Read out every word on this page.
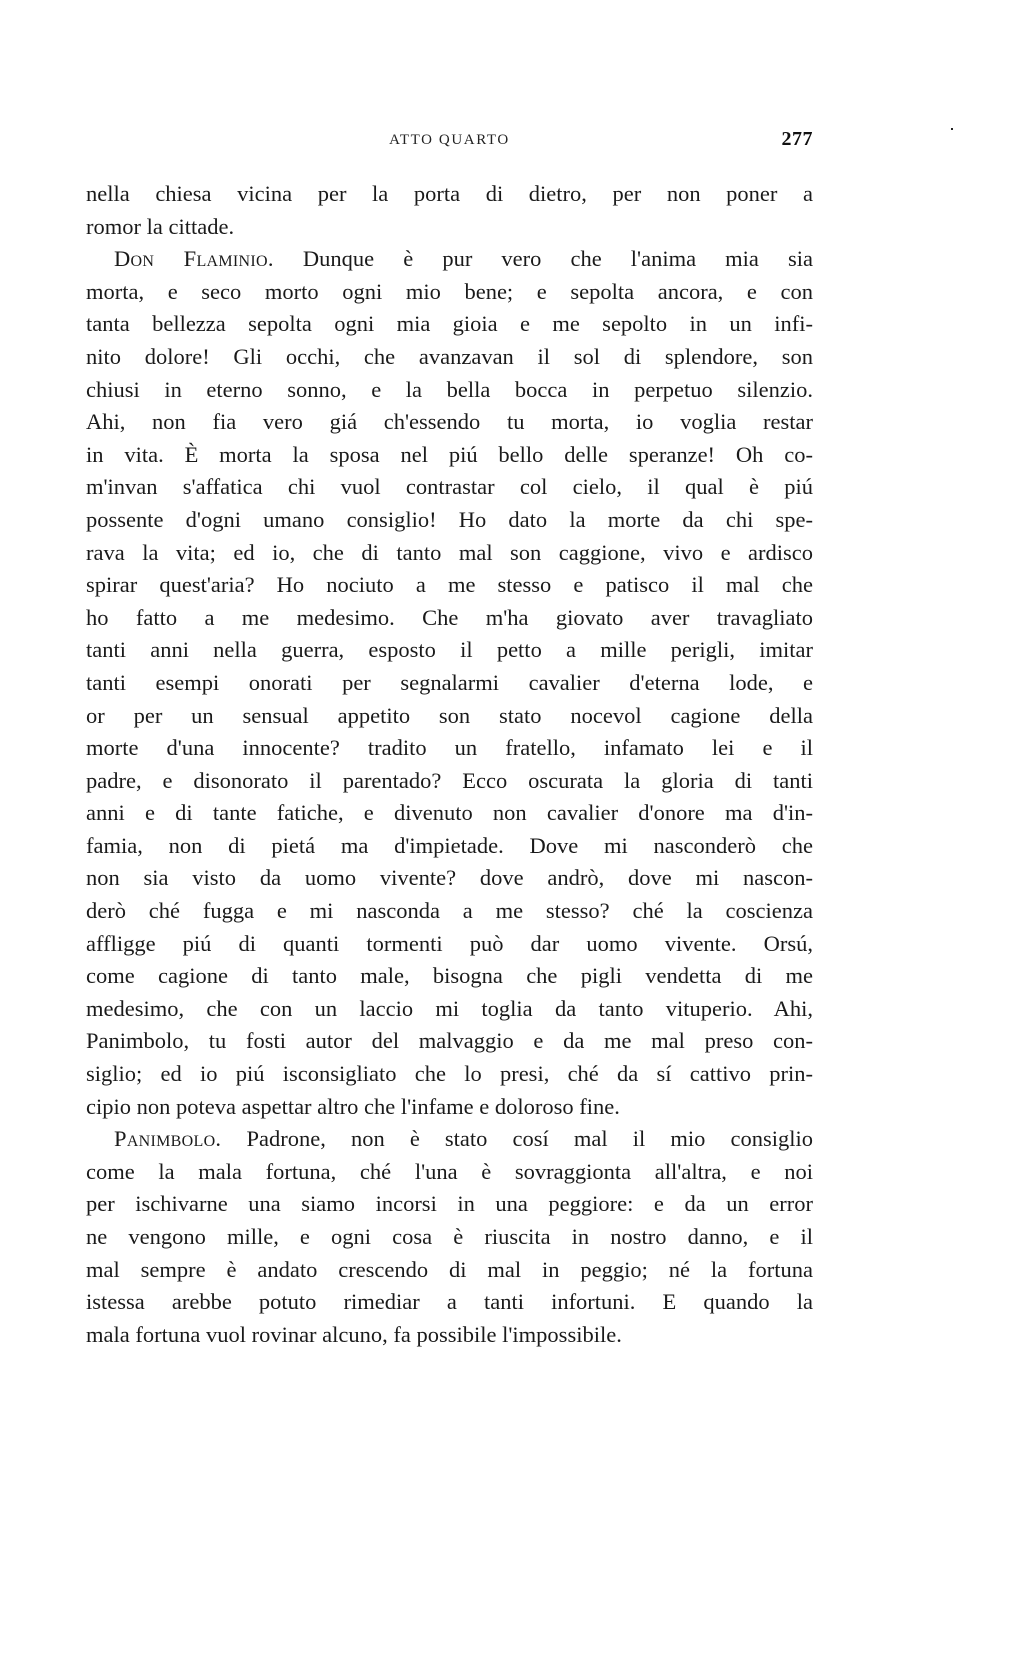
ATTO QUARTO	277
nella chiesa vicina per la porta di dietro, per non poner a
romor la cittade.
Don Flaminio. Dunque è pur vero che l'anima mia sia
morta, e seco morto ogni mio bene; e sepolta ancora, e con
tanta bellezza sepolta ogni mia gioia e me sepolto in un infi-
nito dolore! Gli occhi, che avanzavan il sol di splendore, son
chiusi in eterno sonno, e la bella bocca in perpetuo silenzio.
Ahi, non fia vero giá ch'essendo tu morta, io voglia restar
in vita. È morta la sposa nel piú bello delle speranze! Oh co-
m'invan s'affatica chi vuol contrastar col cielo, il qual è piú
possente d'ogni umano consiglio! Ho dato la morte da chi spe-
rava la vita; ed io, che di tanto mal son caggione, vivo e ardisco
spirar quest'aria? Ho nociuto a me stesso e patisco il mal che
ho fatto a me medesimo. Che m'ha giovato aver travagliato
tanti anni nella guerra, esposto il petto a mille perigli, imitar
tanti esempi onorati per segnalarmi cavalier d'eterna lode, e
or per un sensual appetito son stato nocevol cagione della
morte d'una innocente? tradito un fratello, infamato lei e il
padre, e disonorato il parentado? Ecco oscurata la gloria di tanti
anni e di tante fatiche, e divenuto non cavalier d'onore ma d'in-
famia, non di pietá ma d'impietade. Dove mi nasconderò che
non sia visto da uomo vivente? dove andrò, dove mi nascon-
derò ché fugga e mi nasconda a me stesso? ché la coscienza
affligge piú di quanti tormenti può dar uomo vivente. Orsú,
come cagione di tanto male, bisogna che pigli vendetta di me
medesimo, che con un laccio mi toglia da tanto vituperio. Ahi,
Panimbolo, tu fosti autor del malvaggio e da me mal preso con-
siglio; ed io piú isconsigliato che lo presi, ché da sí cattivo prin-
cipio non poteva aspettar altro che l'infame e doloroso fine.
Panimbolo. Padrone, non è stato cosí mal il mio consiglio
come la mala fortuna, ché l'una è sovraggionta all'altra, e noi
per ischivarne una siamo incorsi in una peggiore: e da un error
ne vengono mille, e ogni cosa è riuscita in nostro danno, e il
mal sempre è andato crescendo di mal in peggio; né la fortuna
istessa arebbe potuto rimediar a tanti infortuni. E quando la
mala fortuna vuol rovinar alcuno, fa possibile l'impossibile.
